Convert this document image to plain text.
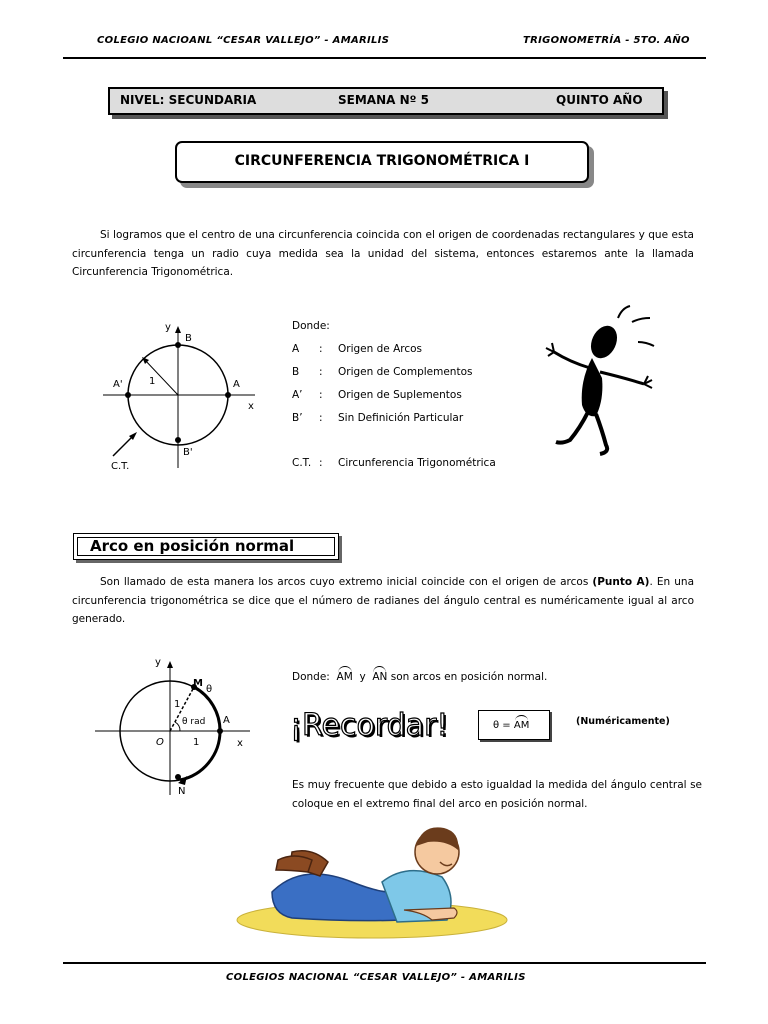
COLEGIO NACIOANL “CESAR VALLEJO” - AMARILIS	TRIGONOMETRÍA - 5TO. AÑO
NIVEL: SECUNDARIA	SEMANA Nº 5	QUINTO AÑO
CIRCUNFERENCIA TRIGONOMÉTRICA I
Si logramos que el centro de una circunferencia coincida con el origen de coordenadas rectangulares y que esta circunferencia tenga un radio cuya medida sea la unidad del sistema, entonces estaremos ante la llamada Circunferencia Trigonométrica.
y
x
B
A
A'
B'
1
C.T.
Donde:
A : Origen de Arcos
B : Origen de Complementos
A’ : Origen de Suplementos
B’ : Sin Definición Particular
C.T. : Circunferencia Trigonométrica
Arco en posición normal
Son llamado de esta manera los arcos cuyo extremo inicial coincide con el origen de arcos (Punto A). En una circunferencia trigonométrica se dice que el número de radianes del ángulo central es numéricamente igual al arco generado.
y
x
M
θ
1
θ rad A
O	1
N
Donde: AM y AN son arcos en posición normal.
¡Recordar!	θ =
AM	(Numéricamente)
Es muy frecuente que debido a esto igualdad la medida del ángulo central se coloque en el extremo final del arco en posición normal.
COLEGIOS NACIONAL “CESAR VALLEJO” - AMARILIS
